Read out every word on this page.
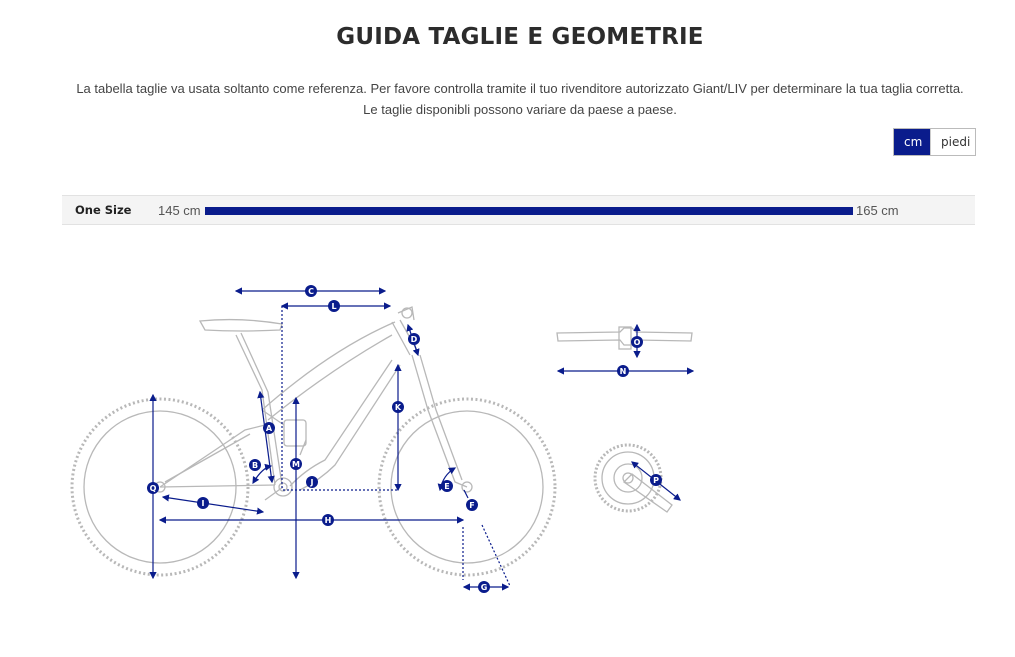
GUIDA TAGLIE E GEOMETRIE

La tabella taglie va usata soltanto come referenza. Per favore controlla tramite il tuo rivenditore autorizzato Giant/LIV per determinare la tua taglia corretta. Le taglie disponibli possono variare da paese a paese.

cm	piedi
One Size 145 cm	165 cm
C
L
D
K
A
M
B
J
Q
I
H
E
F
G
O
N
P
